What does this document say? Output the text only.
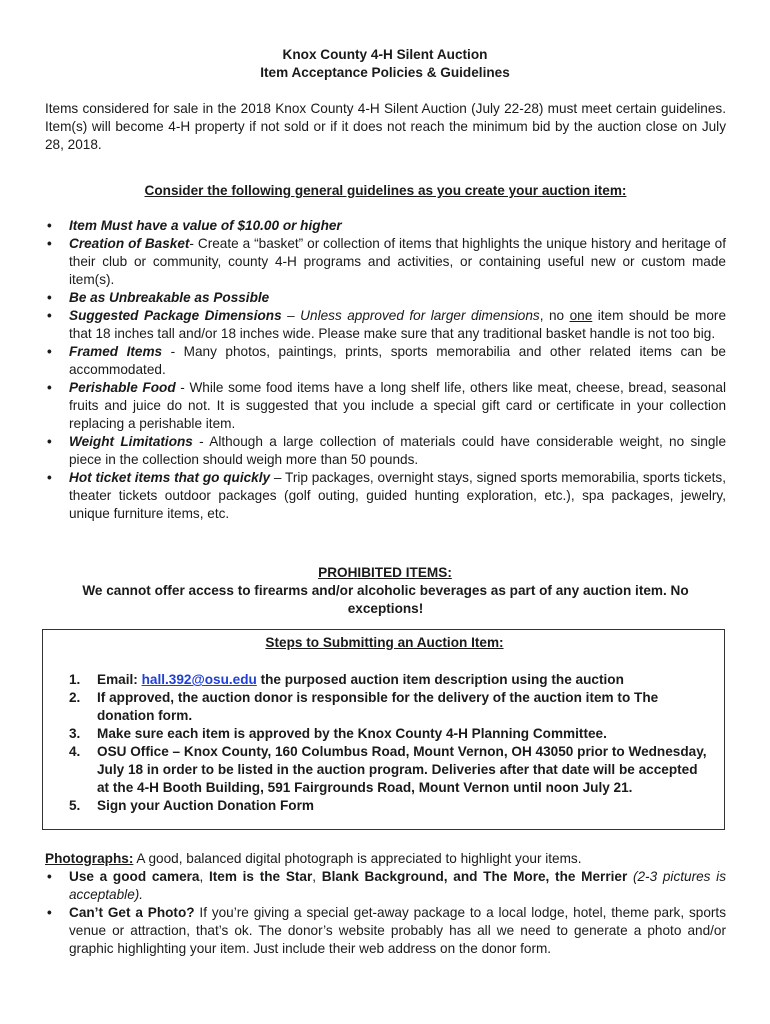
Knox County 4-H Silent Auction
Item Acceptance Policies & Guidelines
Items considered for sale in the 2018 Knox County 4-H Silent Auction (July 22-28) must meet certain guidelines. Item(s) will become 4-H property if not sold or if it does not reach the minimum bid by the auction close on July 28, 2018.
Consider the following general guidelines as you create your auction item:
• Item Must have a value of $10.00 or higher
• Creation of Basket- Create a “basket” or collection of items that highlights the unique history and heritage of their club or community, county 4-H programs and activities, or containing useful new or custom made item(s).
• Be as Unbreakable as Possible
• Suggested Package Dimensions – Unless approved for larger dimensions, no one item should be more that 18 inches tall and/or 18 inches wide. Please make sure that any traditional basket handle is not too big.
• Framed Items - Many photos, paintings, prints, sports memorabilia and other related items can be accommodated.
• Perishable Food - While some food items have a long shelf life, others like meat, cheese, bread, seasonal fruits and juice do not. It is suggested that you include a special gift card or certificate in your collection replacing a perishable item.
• Weight Limitations - Although a large collection of materials could have considerable weight, no single piece in the collection should weigh more than 50 pounds.
• Hot ticket items that go quickly – Trip packages, overnight stays, signed sports memorabilia, sports tickets, theater tickets outdoor packages (golf outing, guided hunting exploration, etc.), spa packages, jewelry, unique furniture items, etc.
PROHIBITED ITEMS:
We cannot offer access to firearms and/or alcoholic beverages as part of any auction item. No exceptions!
Steps to Submitting an Auction Item:
1. Email: hall.392@osu.edu the purposed auction item description using the auction
2. If approved, the auction donor is responsible for the delivery of the auction item to The donation form.
3. Make sure each item is approved by the Knox County 4-H Planning Committee.
4. OSU Office – Knox County, 160 Columbus Road, Mount Vernon, OH 43050 prior to Wednesday, July 18 in order to be listed in the auction program. Deliveries after that date will be accepted at the 4-H Booth Building, 591 Fairgrounds Road, Mount Vernon until noon July 21.
5. Sign your Auction Donation Form
Photographs: A good, balanced digital photograph is appreciated to highlight your items.
• Use a good camera, Item is the Star, Blank Background, and The More, the Merrier (2-3 pictures is acceptable).
• Can’t Get a Photo? If you’re giving a special get-away package to a local lodge, hotel, theme park, sports venue or attraction, that’s ok. The donor’s website probably has all we need to generate a photo and/or graphic highlighting your item. Just include their web address on the donor form.
